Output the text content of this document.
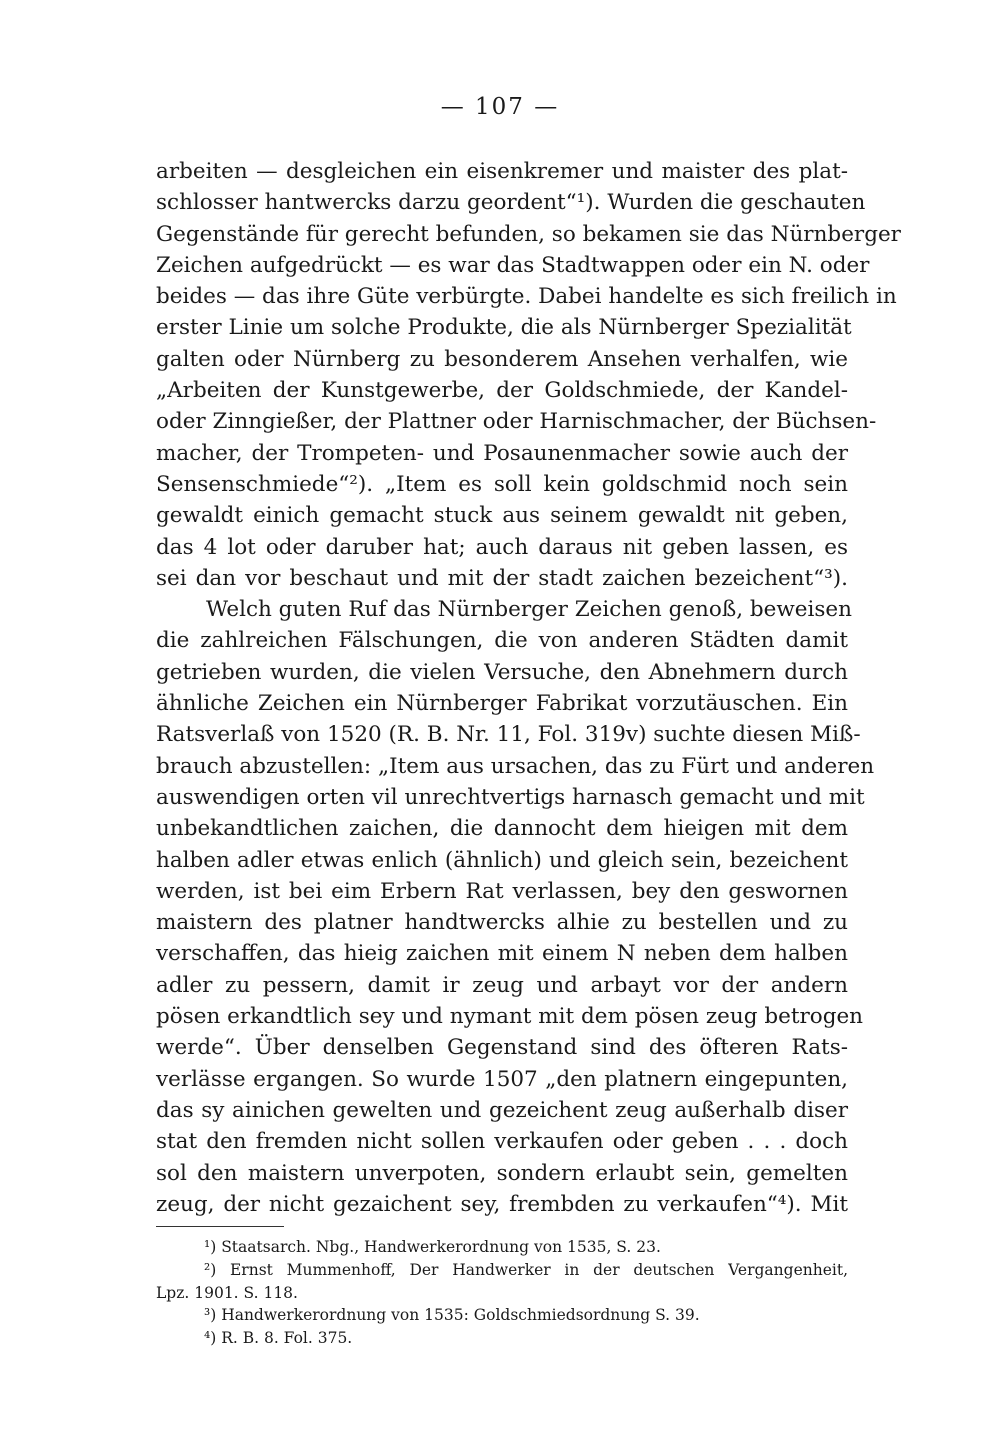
— 107 —
arbeiten — desgleichen ein eisenkremer und maister des plat-
schlosser hantwercks darzu geordent“¹). Wurden die geschauten
Gegenstände für gerecht befunden, so bekamen sie das Nürnberger
Zeichen aufgedrückt — es war das Stadtwappen oder ein N. oder
beides — das ihre Güte verbürgte. Dabei handelte es sich freilich in
erster Linie um solche Produkte, die als Nürnberger Spezialität
galten oder Nürnberg zu besonderem Ansehen verhalfen, wie
„Arbeiten der Kunstgewerbe, der Goldschmiede, der Kandel-
oder Zinngießer, der Plattner oder Harnischmacher, der Büchsen-
macher, der Trompeten- und Posaunenmacher sowie auch der
Sensenschmiede“²). „Item es soll kein goldschmid noch sein
gewaldt einich gemacht stuck aus seinem gewaldt nit geben,
das 4 lot oder daruber hat; auch daraus nit geben lassen, es
sei dan vor beschaut und mit der stadt zaichen bezeichent“³).
Welch guten Ruf das Nürnberger Zeichen genoß, beweisen
die zahlreichen Fälschungen, die von anderen Städten damit
getrieben wurden, die vielen Versuche, den Abnehmern durch
ähnliche Zeichen ein Nürnberger Fabrikat vorzutäuschen. Ein
Ratsverlaß von 1520 (R. B. Nr. 11, Fol. 319v) suchte diesen Miß-
brauch abzustellen: „Item aus ursachen, das zu Fürt und anderen
auswendigen orten vil unrechtvertigs harnasch gemacht und mit
unbekandtlichen zaichen, die dannocht dem hieigen mit dem
halben adler etwas enlich (ähnlich) und gleich sein, bezeichent
werden, ist bei eim Erbern Rat verlassen, bey den geswornen
maistern des platner handtwercks alhie zu bestellen und zu
verschaffen, das hieig zaichen mit einem N neben dem halben
adler zu pessern, damit ir zeug und arbayt vor der andern
pösen erkandtlich sey und nymant mit dem pösen zeug betrogen
werde“. Über denselben Gegenstand sind des öfteren Rats-
verlässe ergangen. So wurde 1507 „den platnern eingepunten,
das sy ainichen gewelten und gezeichent zeug außerhalb diser
stat den fremden nicht sollen verkaufen oder geben . . . doch
sol den maistern unverpoten, sondern erlaubt sein, gemelten
zeug, der nicht gezaichent sey, frembden zu verkaufen“⁴). Mit
¹) Staatsarch. Nbg., Handwerkerordnung von 1535, S. 23.
²) Ernst Mummenhoff, Der Handwerker in der deutschen Vergangenheit,
Lpz. 1901. S. 118.
³) Handwerkerordnung von 1535: Goldschmiedsordnung S. 39.
⁴) R. B. 8. Fol. 375.
